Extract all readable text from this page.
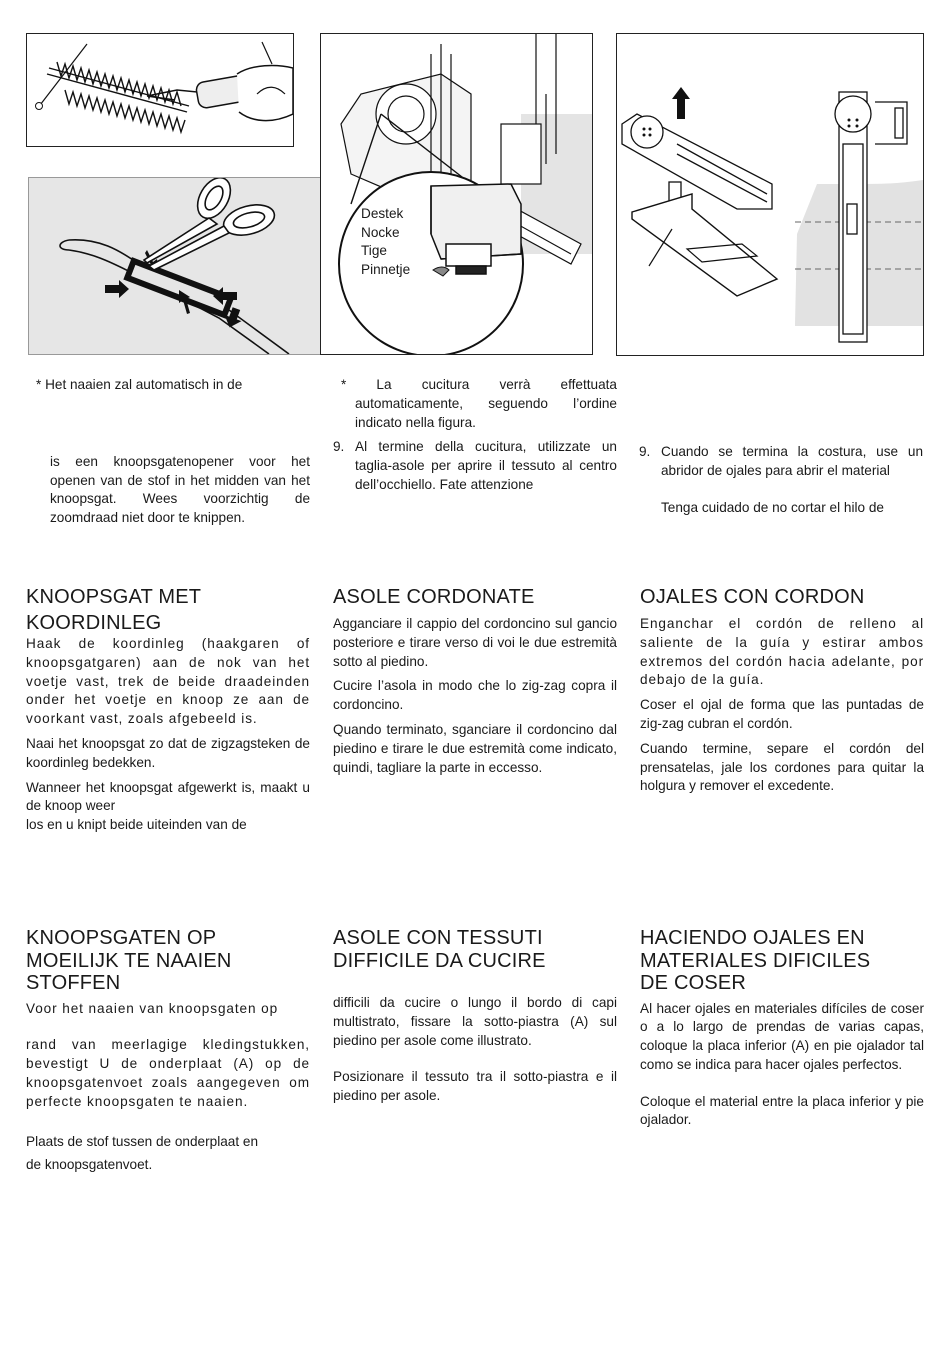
Destek
Nocke
Tige
Pinnetje

* Het naaien zal automatisch in de

is een knoopsgatenopener voor het openen van de stof in het midden van het knoopsgat. Wees voorzichtig de zoomdraad niet door te knippen.

* La cucitura verrà effettuata automaticamente, seguendo l’ordine indicato nella figura.

9. Al termine della cucitura, utilizzate un taglia-asole per aprire il tessuto al centro dell’occhiello. Fate attenzione

9. Cuando se termina la costura, use un abridor de ojales para abrir el material

Tenga cuidado de no cortar el hilo de

KNOOPSGAT MET
KOORDINLEG

Haak de koordinleg (haakgaren of knoopsgatgaren) aan de nok van het voetje vast, trek de beide draadeinden onder het voetje en knoop ze aan de voorkant vast, zoals afgebeeld is.

Naai het knoopsgat zo dat de zigzagsteken de koordinleg bedekken.

Wanneer het knoopsgat afgewerkt is, maakt u de knoop weer

los en u knipt beide uiteinden van de

ASOLE CORDONATE

Agganciare il cappio del cordoncino sul gancio posteriore e tirare verso di voi le due estremità sotto al piedino.

Cucire l’asola in modo che lo zig-zag copra il cordoncino.

Quando terminato, sganciare il cordoncino dal piedino e tirare le due estremità come indicato, quindi, tagliare la parte in eccesso.

OJALES CON CORDON

Enganchar el cordón de relleno al saliente de la guía y estirar ambos extremos del cordón hacia adelante, por debajo de la guía.

Coser el ojal de forma que las puntadas de zig-zag cubran el cordón.

Cuando termine, separe el cordón del prensatelas, jale los cordones para quitar la holgura y remover el excedente.

KNOOPSGATEN OP
MOEILIJK TE NAAIEN
STOFFEN

Voor het naaien van knoopsgaten op

rand van meerlagige kledingstukken, bevestigt U de onderplaat (A) op de knoopsgatenvoet zoals aangegeven om perfecte knoopsgaten te naaien.

Plaats de stof tussen de onderplaat en

de knoopsgatenvoet.

ASOLE CON TESSUTI
DIFFICILE DA CUCIRE

difficili da cucire o lungo il bordo di capi multistrato, fissare la sotto-piastra (A) sul piedino per asole come illustrato.

Posizionare il tessuto tra il sotto-piastra e il piedino per asole.

HACIENDO OJALES EN
MATERIALES DIFICILES
DE COSER

Al hacer ojales en materiales difíciles de coser o a lo largo de prendas de varias capas, coloque la placa inferior (A) en pie ojalador tal como se indica para hacer ojales perfectos.

Coloque el material entre la placa inferior y pie ojalador.
